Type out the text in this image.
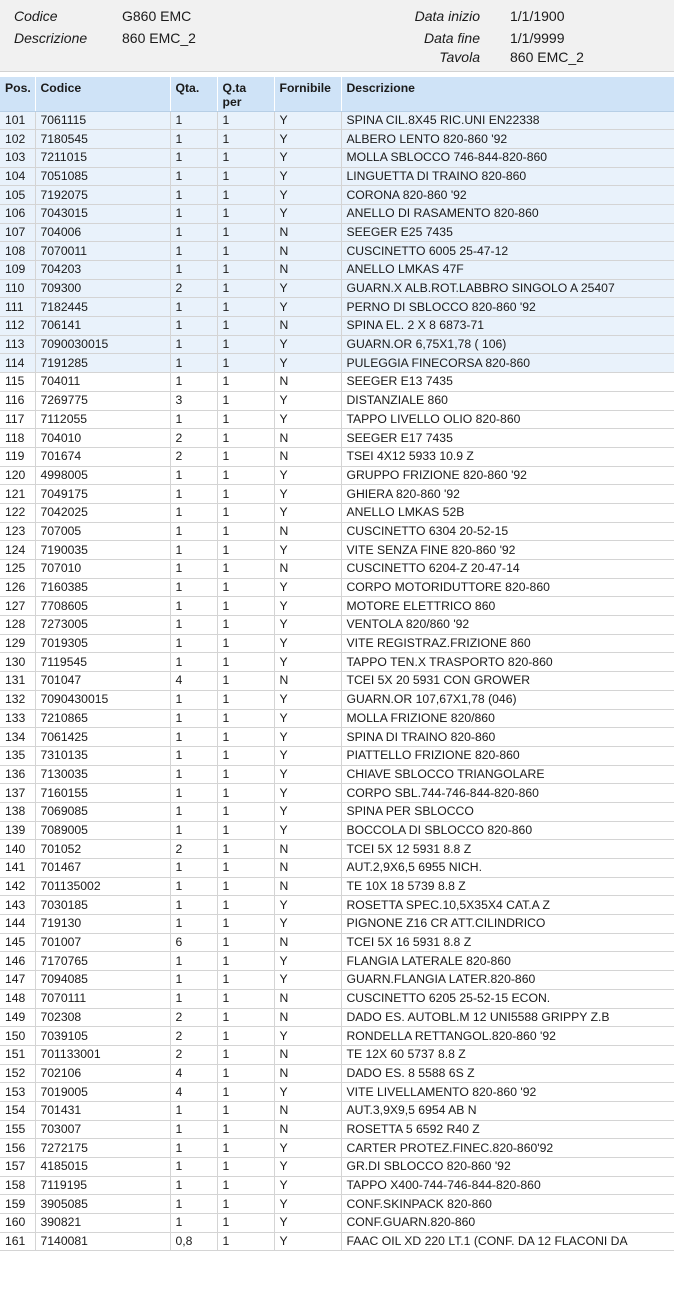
Codice	G860 EMC
Descrizione 860 EMC_2
Data inizio 1/1/1900
Data fine 1/1/9999
Tavola 860 EMC_2
Pos.	Codice	Qta.	Q.ta per	Fornibile	Descrizione
101	7061115	1	1	Y	SPINA CIL.8X45 RIC.UNI EN22338
102	7180545	1	1	Y	ALBERO LENTO 820-860 '92
103	7211015	1	1	Y	MOLLA SBLOCCO 746-844-820-860
104	7051085	1	1	Y	LINGUETTA DI TRAINO 820-860
105	7192075	1	1	Y	CORONA 820-860 '92
106	7043015	1	1	Y	ANELLO DI RASAMENTO 820-860
107	704006	1	1	N	SEEGER E25 7435
108	7070011	1	1	N	CUSCINETTO 6005 25-47-12
109	704203	1	1	N	ANELLO LMKAS 47F
110	709300	2	1	Y	GUARN.X ALB.ROT.LABBRO SINGOLO A 25407
111	7182445	1	1	Y	PERNO DI SBLOCCO 820-860 '92
112	706141	1	1	N	SPINA EL. 2 X 8 6873-71
113	7090030015	1	1	Y	GUARN.OR 6,75X1,78 ( 106)
114	7191285	1	1	Y	PULEGGIA FINECORSA 820-860
115	704011	1	1	N	SEEGER E13 7435
116	7269775	3	1	Y	DISTANZIALE 860
117	7112055	1	1	Y	TAPPO LIVELLO OLIO 820-860
118	704010	2	1	N	SEEGER E17 7435
119	701674	2	1	N	TSEI 4X12 5933 10.9 Z
120	4998005	1	1	Y	GRUPPO FRIZIONE 820-860 '92
121	7049175	1	1	Y	GHIERA 820-860 '92
122	7042025	1	1	Y	ANELLO LMKAS 52B
123	707005	1	1	N	CUSCINETTO 6304 20-52-15
124	7190035	1	1	Y	VITE SENZA FINE 820-860 '92
125	707010	1	1	N	CUSCINETTO 6204-Z 20-47-14
126	7160385	1	1	Y	CORPO MOTORIDUTTORE 820-860
127	7708605	1	1	Y	MOTORE ELETTRICO 860
128	7273005	1	1	Y	VENTOLA 820/860 '92
129	7019305	1	1	Y	VITE REGISTRAZ.FRIZIONE 860
130	7119545	1	1	Y	TAPPO TEN.X TRASPORTO 820-860
131	701047	4	1	N	TCEI 5X 20 5931 CON GROWER
132	7090430015	1	1	Y	GUARN.OR 107,67X1,78 (046)
133	7210865	1	1	Y	MOLLA FRIZIONE 820/860
134	7061425	1	1	Y	SPINA DI TRAINO 820-860
135	7310135	1	1	Y	PIATTELLO FRIZIONE 820-860
136	7130035	1	1	Y	CHIAVE SBLOCCO TRIANGOLARE
137	7160155	1	1	Y	CORPO SBL.744-746-844-820-860
138	7069085	1	1	Y	SPINA PER SBLOCCO
139	7089005	1	1	Y	BOCCOLA DI SBLOCCO 820-860
140	701052	2	1	N	TCEI 5X 12 5931 8.8 Z
141	701467	1	1	N	AUT.2,9X6,5 6955 NICH.
142	701135002	1	1	N	TE 10X 18 5739 8.8 Z
143	7030185	1	1	Y	ROSETTA SPEC.10,5X35X4 CAT.A Z
144	719130	1	1	Y	PIGNONE Z16 CR ATT.CILINDRICO
145	701007	6	1	N	TCEI 5X 16 5931 8.8 Z
146	7170765	1	1	Y	FLANGIA LATERALE 820-860
147	7094085	1	1	Y	GUARN.FLANGIA LATER.820-860
148	7070111	1	1	N	CUSCINETTO 6205 25-52-15 ECON.
149	702308	2	1	N	DADO ES. AUTOBL.M 12 UNI5588 GRIPPY Z.B
150	7039105	2	1	Y	RONDELLA RETTANGOL.820-860 '92
151	701133001	2	1	N	TE 12X 60 5737 8.8 Z
152	702106	4	1	N	DADO ES. 8 5588 6S Z
153	7019005	4	1	Y	VITE LIVELLAMENTO 820-860 '92
154	701431	1	1	N	AUT.3,9X9,5 6954 AB N
155	703007	1	1	N	ROSETTA 5 6592 R40 Z
156	7272175	1	1	Y	CARTER PROTEZ.FINEC.820-860'92
157	4185015	1	1	Y	GR.DI SBLOCCO 820-860 '92
158	7119195	1	1	Y	TAPPO X400-744-746-844-820-860
159	3905085	1	1	Y	CONF.SKINPACK 820-860
160	390821	1	1	Y	CONF.GUARN.820-860
161	7140081	0,8	1	Y	FAAC OIL XD 220 LT.1 (CONF. DA 12 FLACONI DA
